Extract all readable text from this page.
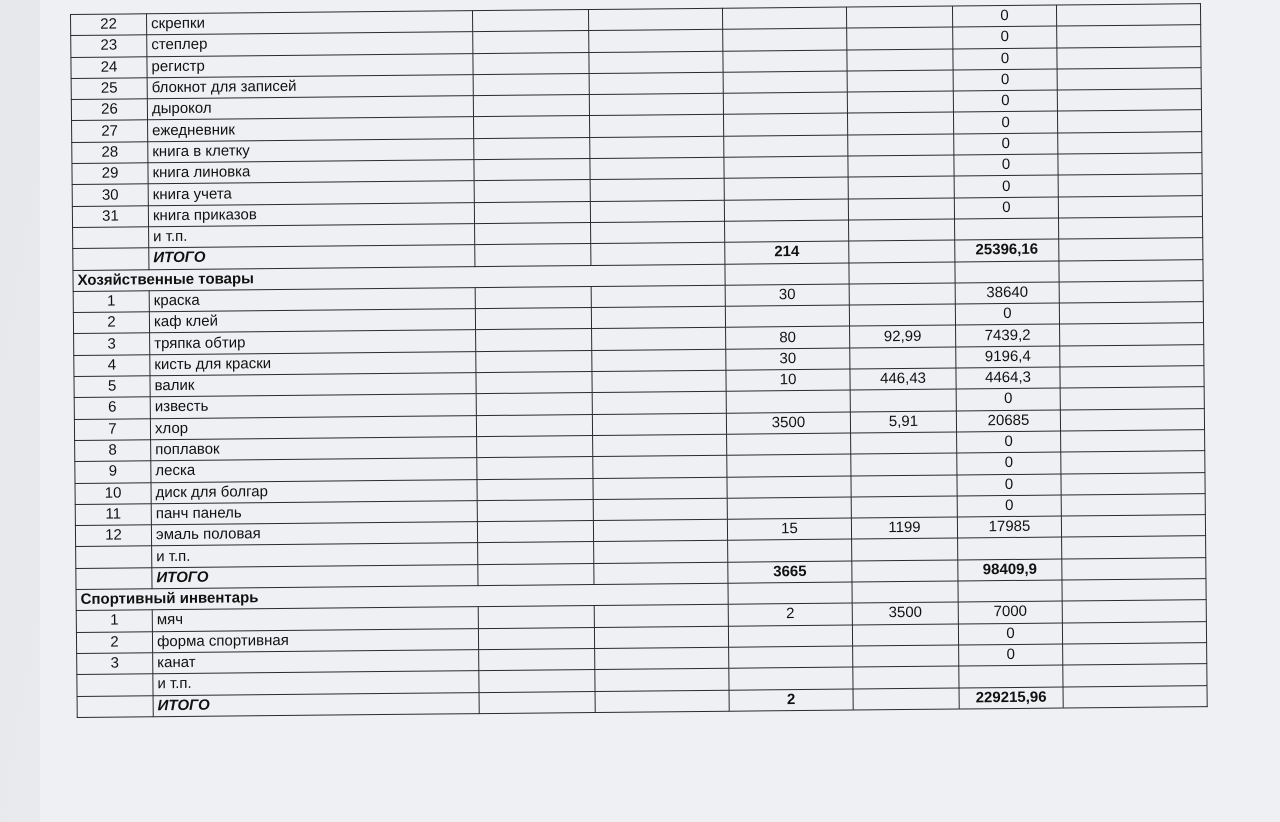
22	скрепки					0	
23	степлер					0	
24	регистр					0	
25	блокнот для записей					0	
26	дырокол					0	
27	ежедневник					0	
28	книга в клетку					0	
29	книга линовка					0	
30	книга учета					0	
31	книга приказов					0	
	и т.п.						
	ИТОГО			214		25396,16	
Хозяйственные товары							
1	краска			30		38640	
2	каф клей					0	
3	тряпка обтир			80	92,99	7439,2	
4	кисть для краски			30		9196,4	
5	валик			10	446,43	4464,3	
6	известь					0	
7	хлор			3500	5,91	20685	
8	поплавок					0	
9	леска					0	
10	диск для болгар					0	
11	панч панель					0	
12	эмаль половая			15	1199	17985	
	и т.п.						
	ИТОГО			3665		98409,9	
Спортивный инвентарь							
1	мяч			2	3500	7000	
2	форма спортивная					0	
3	канат					0	
	и т.п.						
	ИТОГО			2		229215,96	
